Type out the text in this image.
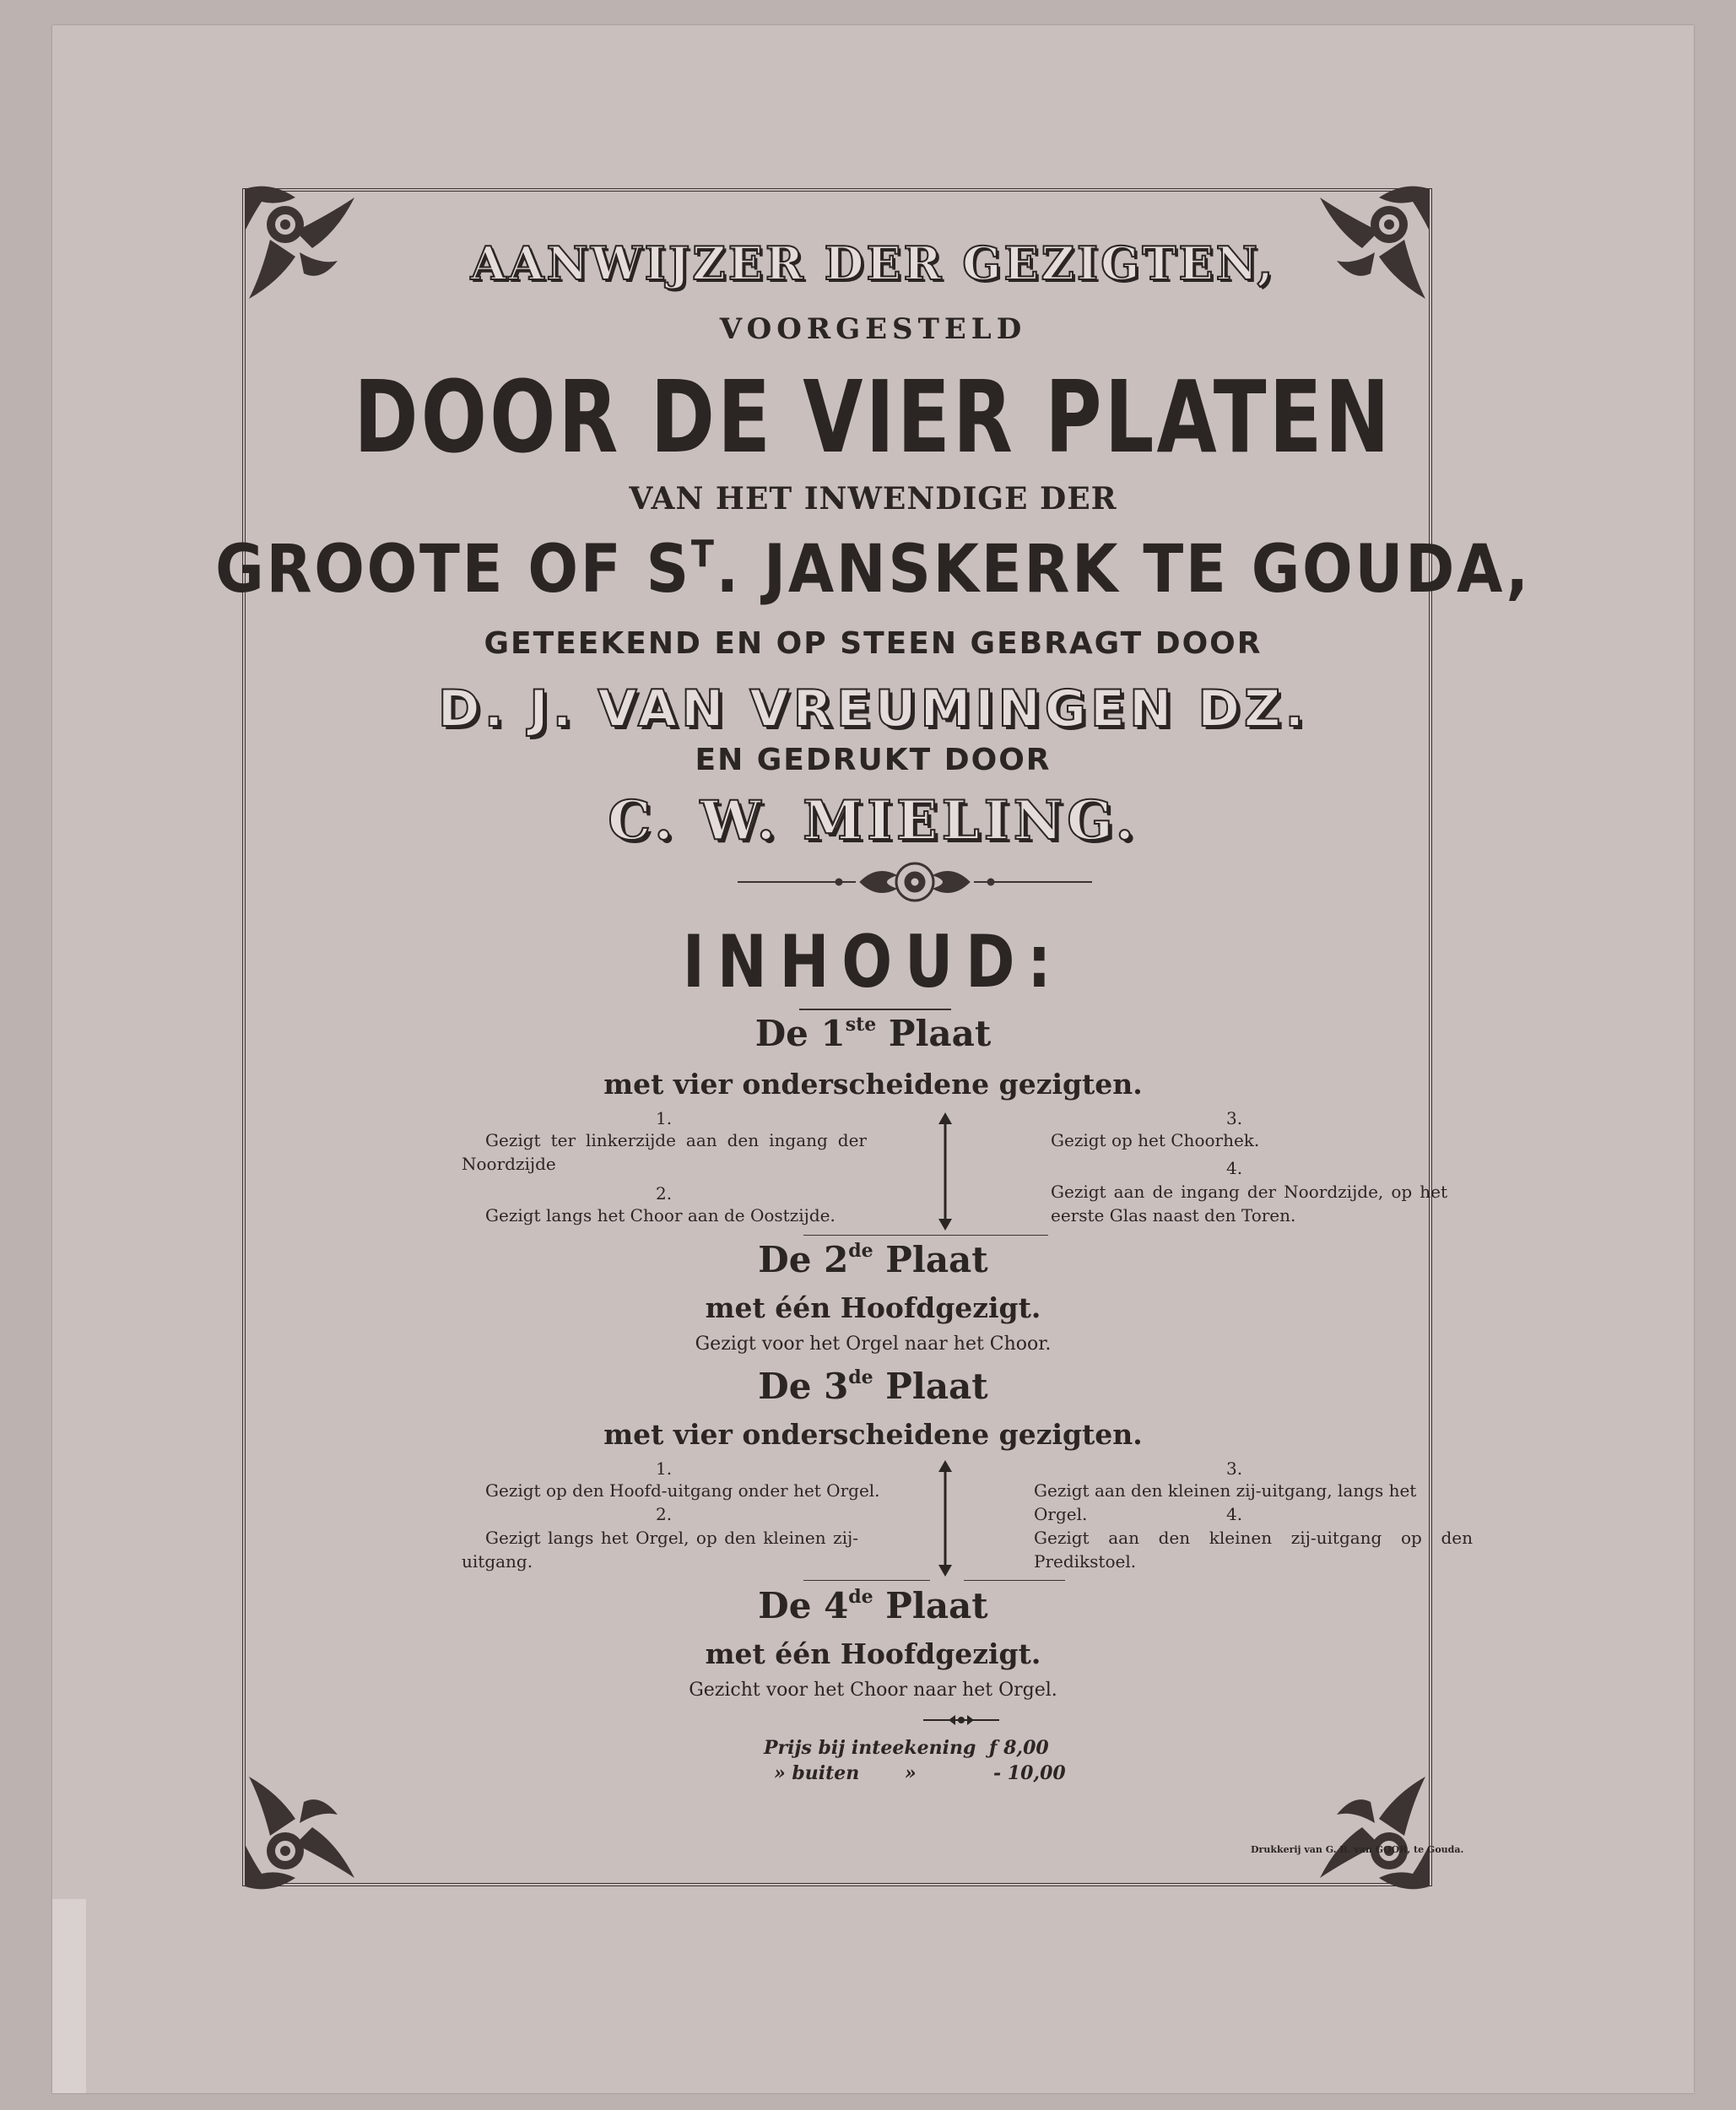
AANWIJZER DER GEZIGTEN,
VOORGESTELD
DOOR DE VIER PLATEN
VAN HET INWENDIGE DER
GROOTE OF $S^T$. JANSKERK TE GOUDA,
GETEEKEND EN OP STEEN GEBRAGT DOOR
D. J. VAN VREUMINGEN DZ.
EN GEDRUKT DOOR
C. W. MIELING.
INHOUD:
De 1ste Plaat
met vier onderscheidene gezigten.
1.
Gezigt ter linkerzijde aan den ingang der Noordzijde
2.
Gezigt langs het Choor aan de Oostzijde.
3.
Gezigt op het Choorhek.
4.
Gezigt aan de ingang der Noordzijde, op het eerste Glas naast den Toren.
De 2de Plaat
met één Hoofdgezigt.
Gezigt voor het Orgel naar het Choor.
De 3de Plaat
met vier onderscheidene gezigten.
1.
Gezigt op den Hoofd-uitgang onder het Orgel.
2.
Gezigt langs het Orgel, op den kleinen zij-uitgang.
3.
Gezigt aan den kleinen zij-uitgang, langs het Orgel.	4.
Gezigt aan den kleinen zij-uitgang op den Predikstoel.
De 4de Plaat
met één Hoofdgezigt.
Gezicht voor het Choor naar het Orgel.
Prijs bij inteekening ƒ 8,00
» buiten       »	- 10,00
Drukkerij van G. B. van GOOR, te Gouda.
